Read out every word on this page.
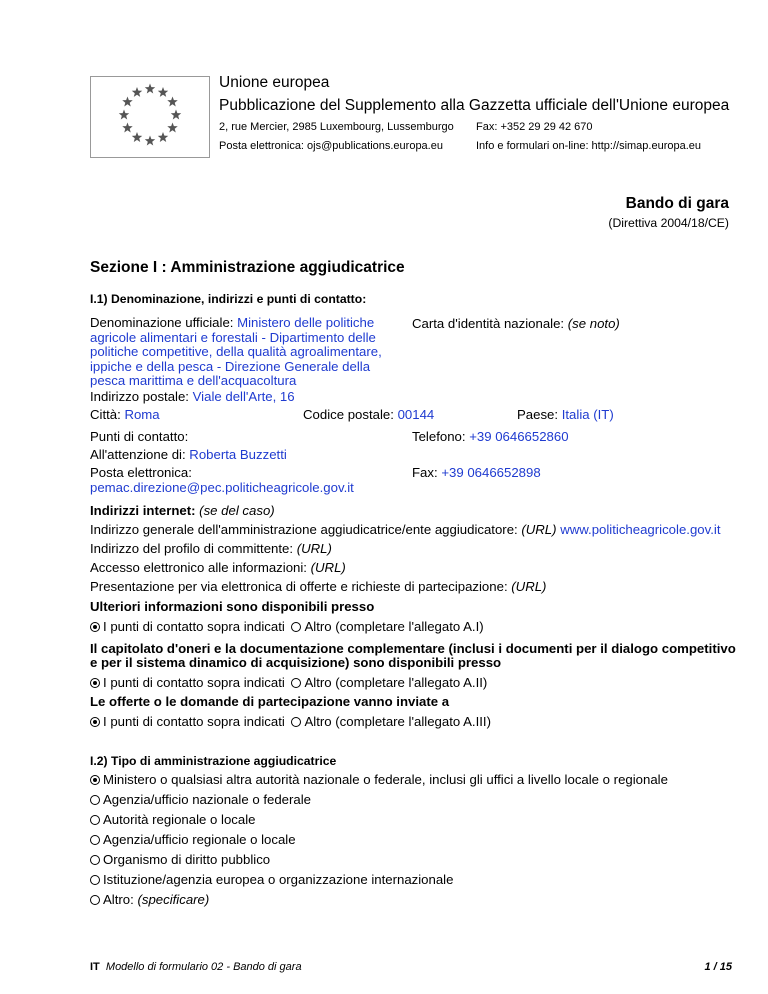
Unione europea
Pubblicazione del Supplemento alla Gazzetta ufficiale dell'Unione europea
2, rue Mercier, 2985 Luxembourg, Lussemburgo Fax: +352 29 29 42 670
Posta elettronica: ojs@publications.europa.eu	Info e formulari on-line: http://simap.europa.eu
Bando di gara
(Direttiva 2004/18/CE)
Sezione I : Amministrazione aggiudicatrice
I.1) Denominazione, indirizzi e punti di contatto:
Denominazione ufficiale: Ministero delle politiche agricole alimentari e forestali - Dipartimento delle politiche competitive, della qualità agroalimentare, ippiche e della pesca - Direzione Generale della pesca marittima e dell'acquacoltura
Carta d'identità nazionale: (se noto)
Indirizzo postale: Viale dell'Arte, 16
Città: Roma	Codice postale: 00144	Paese: Italia (IT)
Punti di contatto:	Telefono: +39 0646652860
All'attenzione di: Roberta Buzzetti
Posta elettronica:
pemac.direzione@pec.politicheagricole.gov.it
Fax: +39 0646652898
Indirizzi internet: (se del caso)
Indirizzo generale dell'amministrazione aggiudicatrice/ente aggiudicatore: (URL) www.politicheagricole.gov.it
Indirizzo del profilo di committente: (URL)
Accesso elettronico alle informazioni: (URL)
Presentazione per via elettronica di offerte e richieste di partecipazione: (URL)
Ulteriori informazioni sono disponibili presso
I punti di contatto sopra indicati Altro (completare l'allegato A.I)
Il capitolato d'oneri e la documentazione complementare (inclusi i documenti per il dialogo competitivo
e per il sistema dinamico di acquisizione) sono disponibili presso
I punti di contatto sopra indicati Altro (completare l'allegato A.II)
Le offerte o le domande di partecipazione vanno inviate a
I punti di contatto sopra indicati Altro (completare l'allegato A.III)
I.2) Tipo di amministrazione aggiudicatrice
Ministero o qualsiasi altra autorità nazionale o federale, inclusi gli uffici a livello locale o regionale
Agenzia/ufficio nazionale o federale
Autorità regionale o locale
Agenzia/ufficio regionale o locale
Organismo di diritto pubblico
Istituzione/agenzia europea o organizzazione internazionale
Altro: (specificare)
IT Modello di formulario 02 - Bando di gara	1 / 15
